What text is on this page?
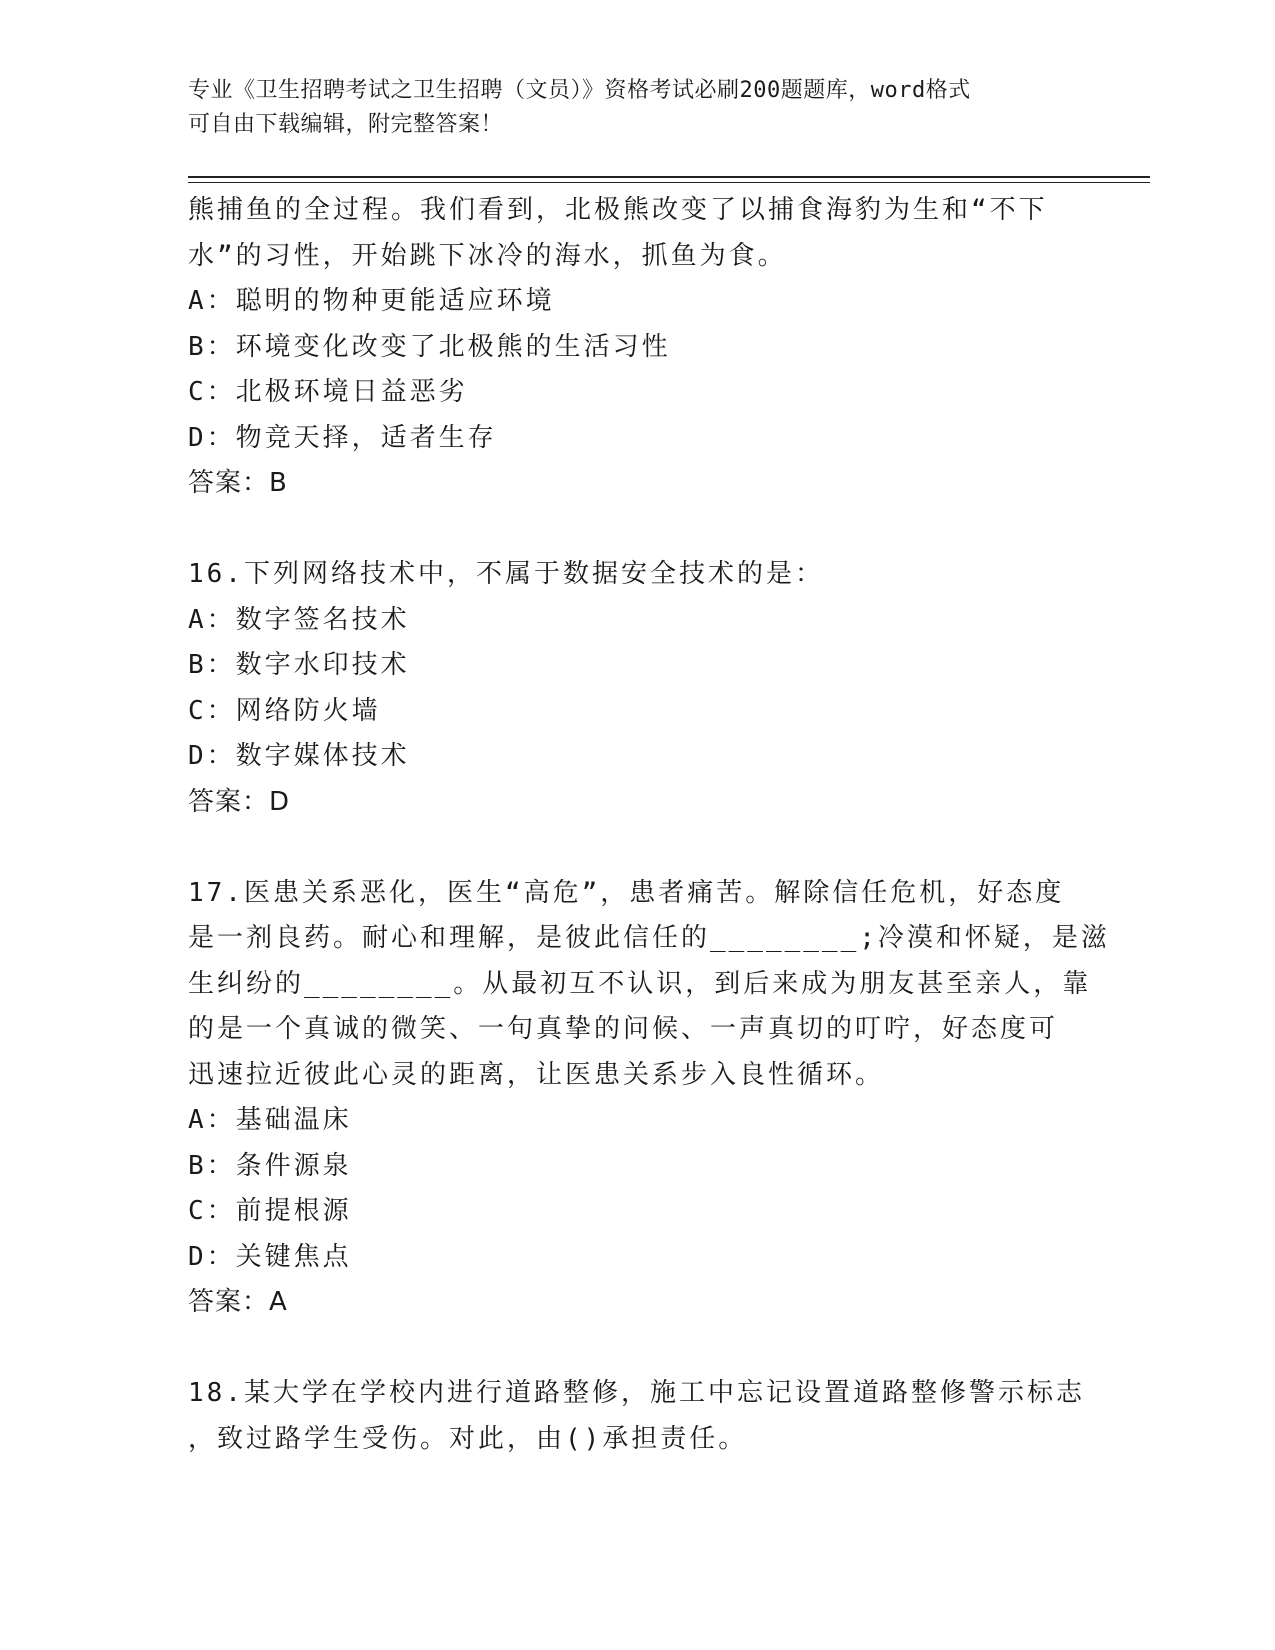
专业《卫生招聘考试之卫生招聘（文员）》资格考试必刷200题题库，word格式
可自由下载编辑，附完整答案！
熊捕鱼的全过程。我们看到，北极熊改变了以捕食海豹为生和“不下
水”的习性，开始跳下冰冷的海水，抓鱼为食。
A：聪明的物种更能适应环境
B：环境变化改变了北极熊的生活习性
C：北极环境日益恶劣
D：物竞天择，适者生存
答案：B
16.下列网络技术中，不属于数据安全技术的是：
A：数字签名技术
B：数字水印技术
C：网络防火墙
D：数字媒体技术
答案：D
17.医患关系恶化，医生“高危”，患者痛苦。解除信任危机，好态度
是一剂良药。耐心和理解，是彼此信任的________;冷漠和怀疑，是滋
生纠纷的________。从最初互不认识，到后来成为朋友甚至亲人，靠
的是一个真诚的微笑、一句真挚的问候、一声真切的叮咛，好态度可
迅速拉近彼此心灵的距离，让医患关系步入良性循环。
A：基础温床
B：条件源泉
C：前提根源
D：关键焦点
答案：A
18.某大学在学校内进行道路整修，施工中忘记设置道路整修警示标志
，致过路学生受伤。对此，由()承担责任。
